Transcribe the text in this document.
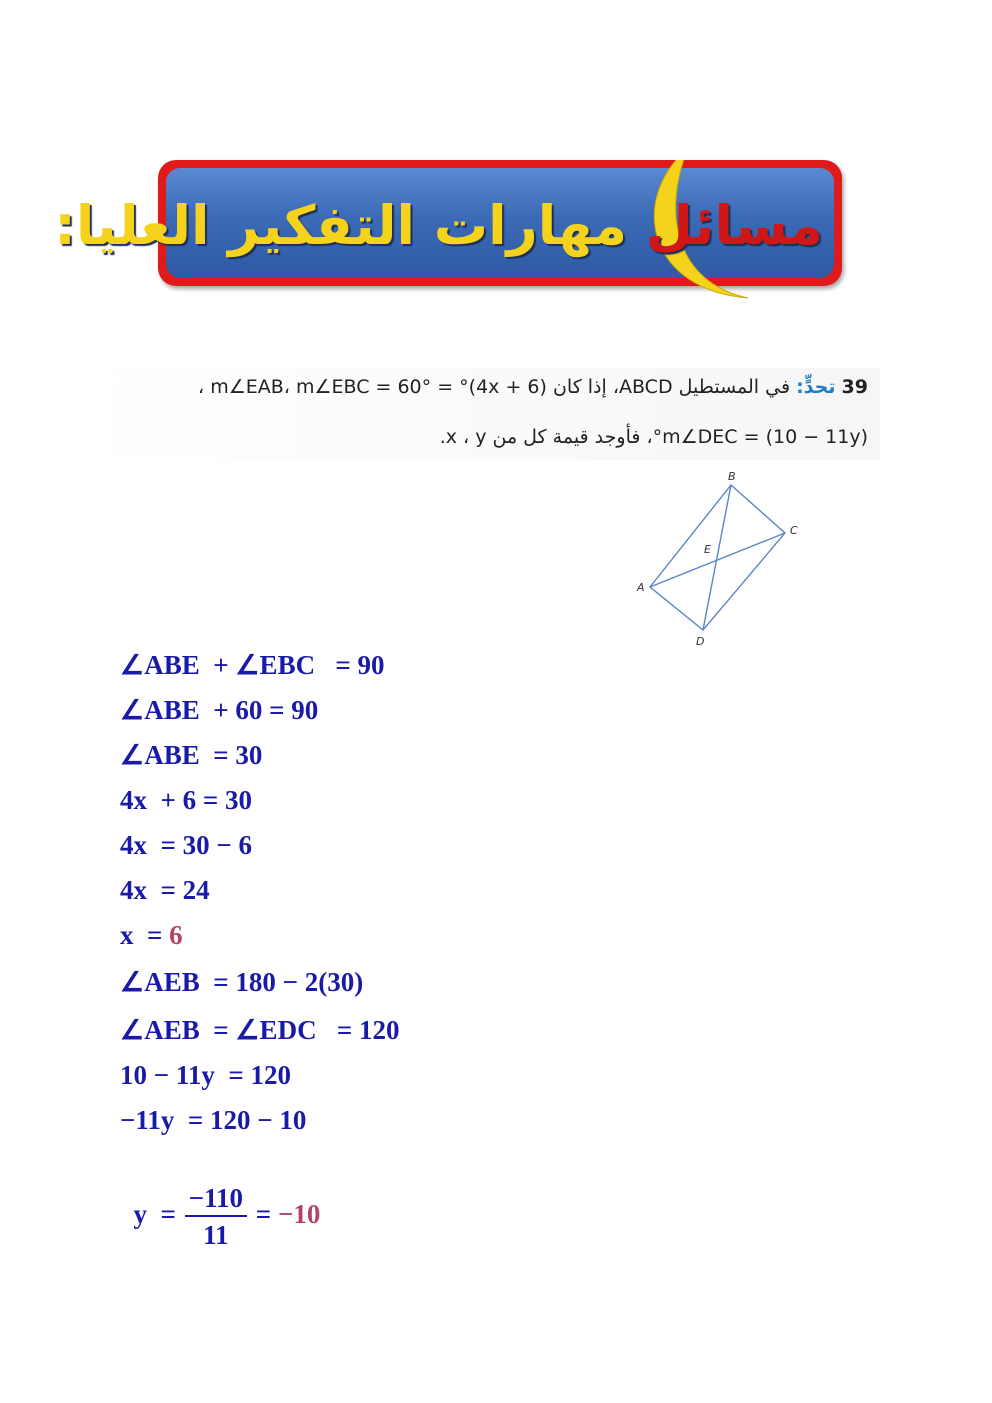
مسائل مهارات التفكير العليا:
39 تحدٍّ: في المستطيل ABCD، إذا كان (4x + 6)° = m∠EAB، m∠EBC = 60° ،
m∠DEC = (10 − 11y)°، فأوجد قيمة كل من x ، y.
B
C
E
A
D
∠ABE  + ∠EBC   = 90
∠ABE  + 60 = 90
∠ABE  = 30
4x  + 6 = 30
4x  = 30 − 6
4x  = 24
x  = 6
∠AEB  = 180 − 2(30)
∠AEB  = ∠EDC   = 120
10 − 11y  = 120
−11y  = 120 − 10

$y = \frac{-110}{11} = -10$
